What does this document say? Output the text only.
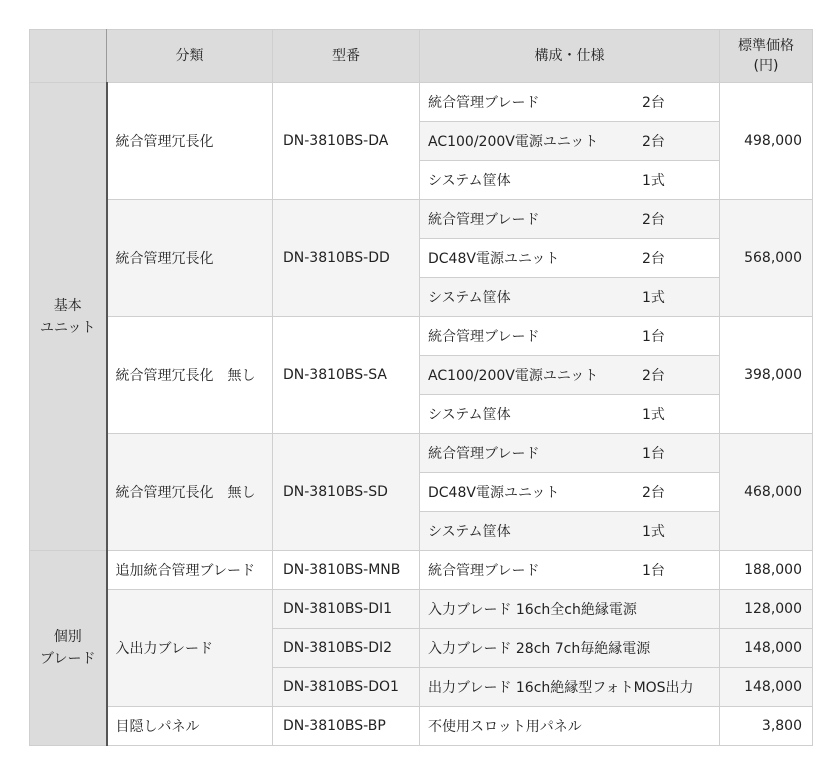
	分類	型番	構成・仕様	標準価格
(円)
基本
ユニット	統合管理冗長化	DN-3810BS-DA	統合管理ブレード 2台	498,000

			AC100/200V電源ユニット 2台	

			システム筐体 1式	

	統合管理冗長化	DN-3810BS-DD	統合管理ブレード 2台	568,000

			DC48V電源ユニット 2台	

			システム筐体 1式	

	統合管理冗長化　無し	DN-3810BS-SA	統合管理ブレード 1台	398,000

			AC100/200V電源ユニット 2台	

			システム筐体 1式	

	統合管理冗長化　無し	DN-3810BS-SD	統合管理ブレード 1台	468,000

			DC48V電源ユニット 2台	

			システム筐体 1式	

個別
ブレード	追加統合管理ブレード	DN-3810BS-MNB	統合管理ブレード 1台	188,000
	入出力ブレード	DN-3810BS-DI1	入力ブレード 16ch全ch絶縁電源	128,000
		DN-3810BS-DI2	入力ブレード 28ch 7ch毎絶縁電源	148,000
		DN-3810BS-DO1	出力ブレード 16ch絶縁型フォトMOS出力	148,000
	目隠しパネル	DN-3810BS-BP	不使用スロット用パネル	3,800
